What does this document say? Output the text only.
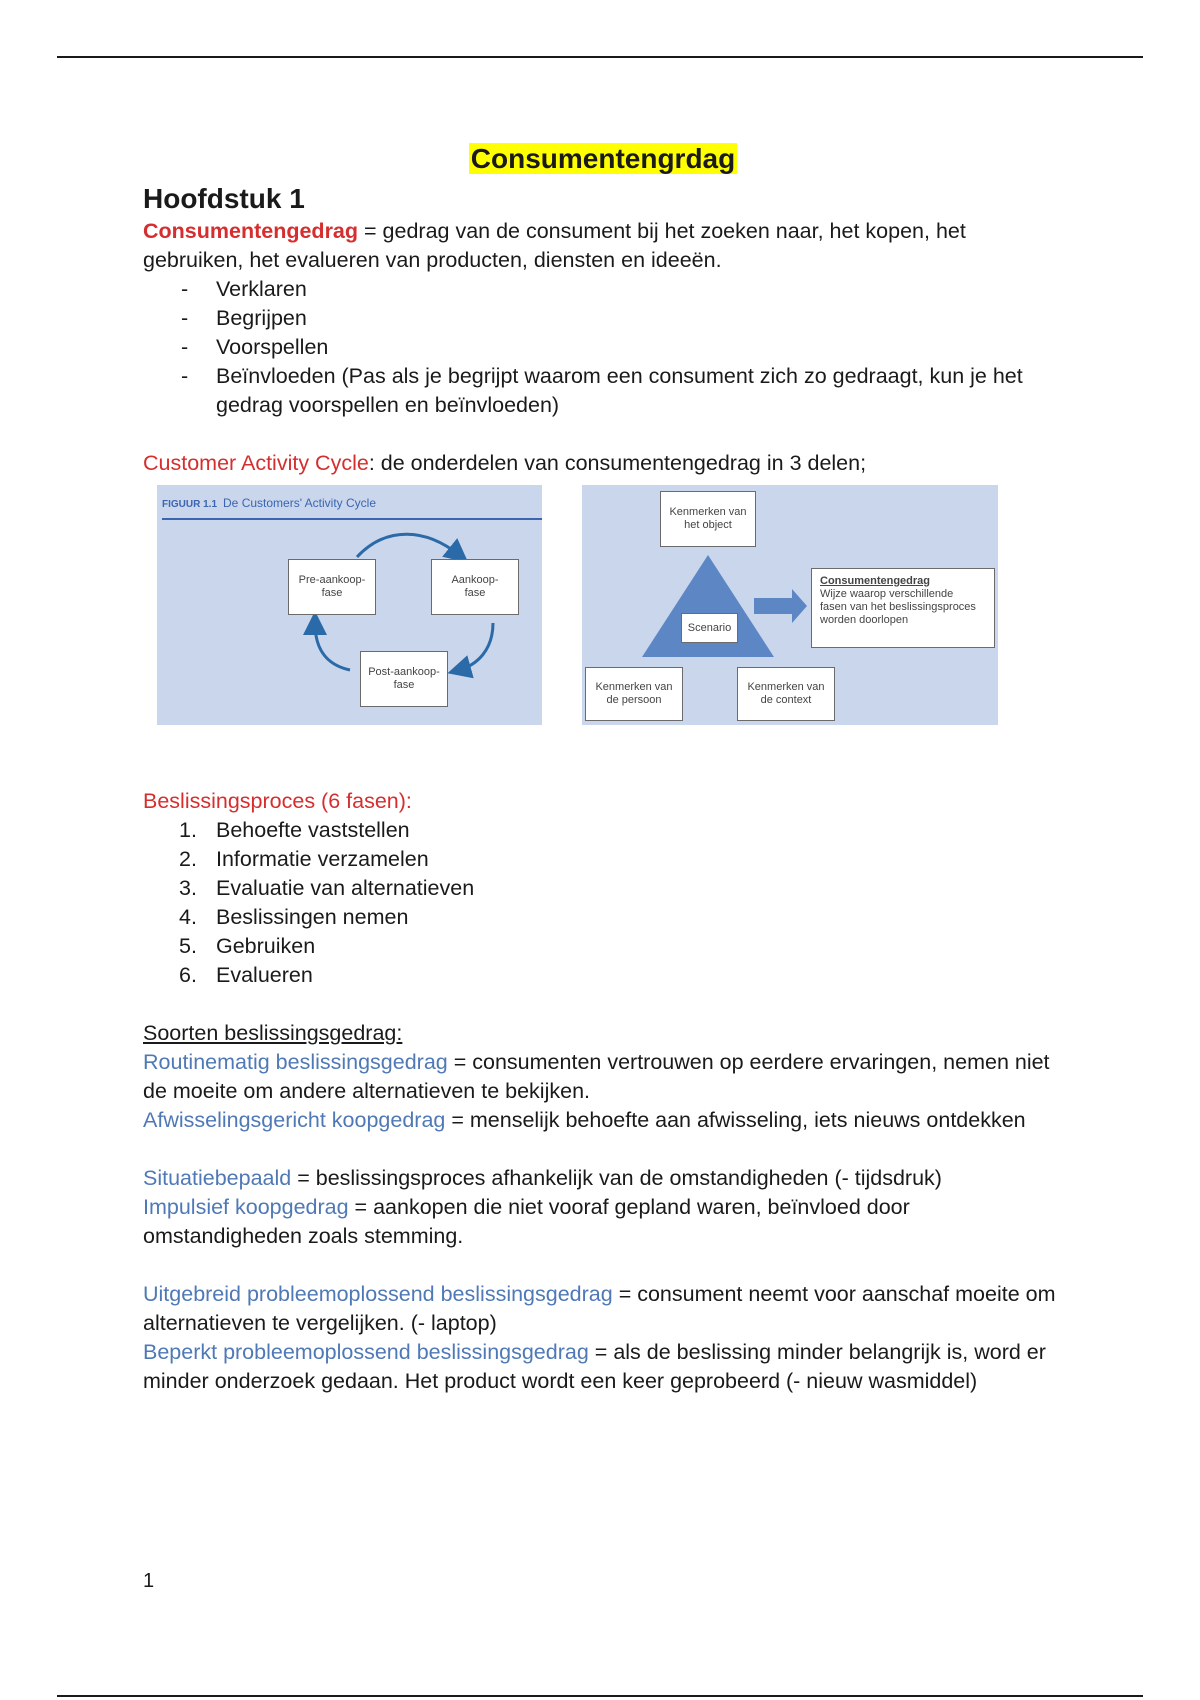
Consumentengrdag
Hoofdstuk 1

Consumentengedrag = gedrag van de consument bij het zoeken naar, het kopen, het gebruiken, het evalueren van producten, diensten en ideeën.

- Verklaren
- Begrijpen
- Voorspellen
- Beïnvloeden (Pas als je begrijpt waarom een consument zich zo gedraagt, kun je het gedrag voorspellen en beïnvloeden)

Customer Activity Cycle: de onderdelen van consumentengedrag in 3 delen;

FIGUUR 1.1 De Customers' Activity Cycle
Pre-aankoop-
fase
Aankoop-
fase
Post-aankoop-
fase
Kenmerken van
het object
Scenario
Kenmerken van
de persoon
Kenmerken van
de context
Consumentengedrag
Wijze waarop verschillende
fasen van het beslissingsproces
worden doorlopen

Beslissingsproces (6 fasen):

1. Behoefte vaststellen
2. Informatie verzamelen
3. Evaluatie van alternatieven
4. Beslissingen nemen
5. Gebruiken
6. Evalueren

Soorten beslissingsgedrag:

Routinematig beslissingsgedrag = consumenten vertrouwen op eerdere ervaringen, nemen niet de moeite om andere alternatieven te bekijken.

Afwisselingsgericht koopgedrag = menselijk behoefte aan afwisseling, iets nieuws ontdekken

Situatiebepaald = beslissingsproces afhankelijk van de omstandigheden (- tijdsdruk)

Impulsief koopgedrag = aankopen die niet vooraf gepland waren, beïnvloed door omstandigheden zoals stemming.

Uitgebreid probleemoplossend beslissingsgedrag = consument neemt voor aanschaf moeite om alternatieven te vergelijken. (- laptop)

Beperkt probleemoplossend beslissingsgedrag = als de beslissing minder belangrijk is, word er minder onderzoek gedaan. Het product wordt een keer geprobeerd (- nieuw wasmiddel)

1
